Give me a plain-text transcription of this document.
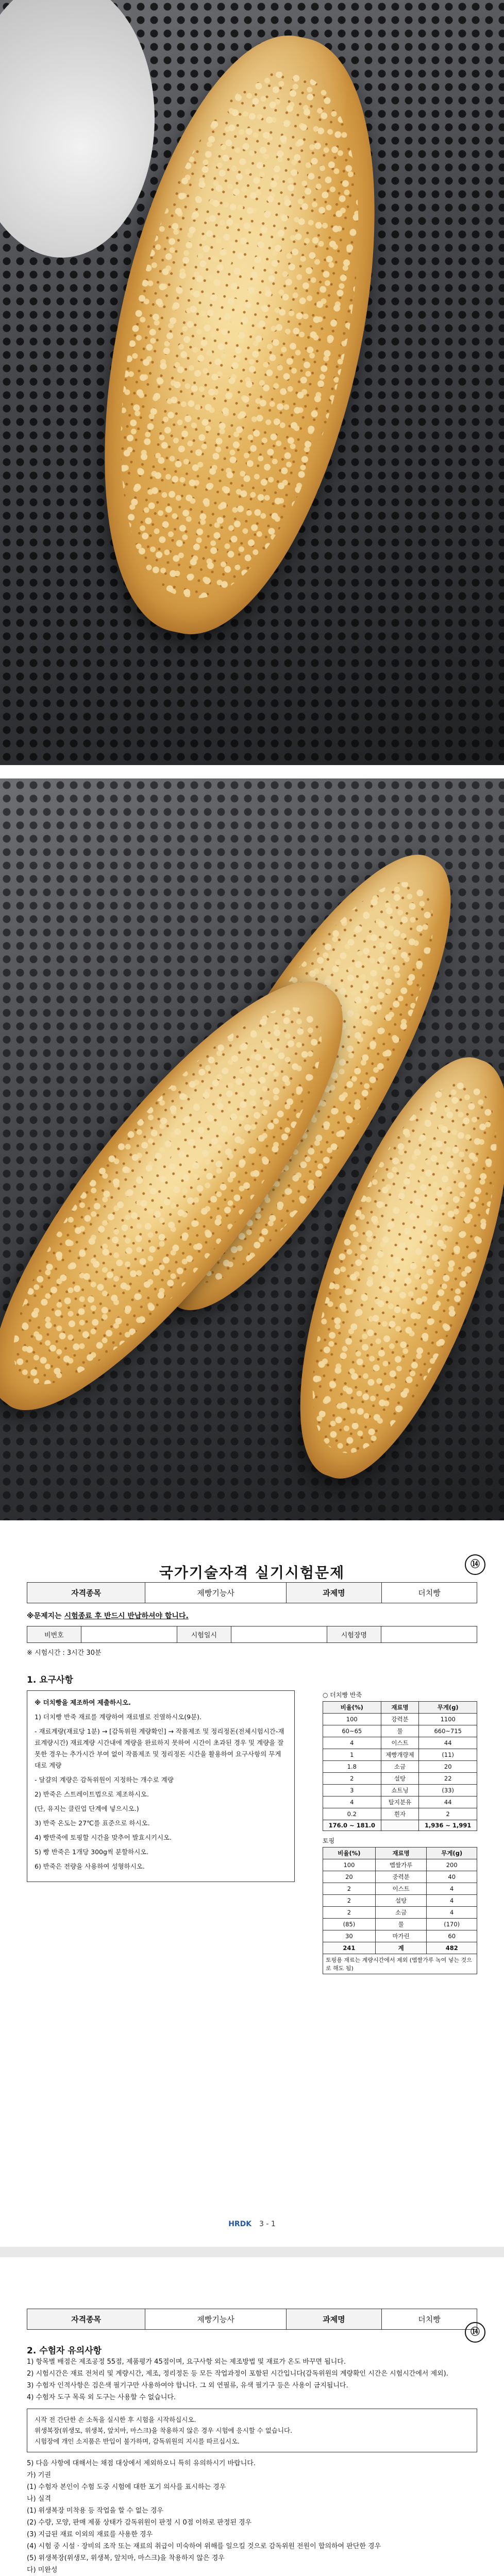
⑭
국가기술자격 실기시험문제
자격종목	제빵기능사	과제명	더치빵
※문제지는 시험종료 후 반드시 반납하셔야 합니다.
비번호		시험일시		시험장명	
※ 시험시간 : 3시간 30분
1. 요구사항

※ 더치빵을 제조하여 제출하시오.

1) 더치빵 반죽 재료를 계량하여 재료별로 진열하시오(9분).

- 재료계량(재료당 1분) → [감독위원 계량확인] → 작품제조 및 정리정돈(전체시험시간-재료계량시간) 재료계량 시간내에 계량을 완료하지 못하여 시간이 초과된 경우 및 계량을 잘못한 경우는 추가시간 부여 없이 작품제조 및 정리정돈 시간을 활용하여 요구사항의 무게대로 계량

- 달걀의 계량은 감독위원이 지정하는 개수로 계량

2) 반죽은 스트레이트법으로 제조하시오.

(단, 유지는 클린업 단계에 넣으시오.)

3) 반죽 온도는 27℃를 표준으로 하시오.

4) 빵반죽에 토핑할 시간을 맞추어 발효시키시오.

5) 빵 반죽은 1개당 300g씩 분할하시오.

6) 반죽은 전량을 사용하여 성형하시오.

○ 더치빵 반죽
비율(%)	재료명	무게(g)
100	강력분	1100
60~65	물	660~715
4	이스트	44
1	제빵개량제	(11)
1.8	소금	20
2	설탕	22
3	쇼트닝	(33)
4	탈지분유	44
0.2	흰자	2
176.0 ~ 181.0		1,936 ~ 1,991
토핑
비율(%)	재료명	무게(g)
100	멥쌀가루	200
20	중력분	40
2	이스트	4
2	설탕	4
2	소금	4
(85)	물	(170)
30	마가린	60
241	계	482
토핑용 재료는 계량시간에서 제외 (멥쌀가루 녹여 넣는 것으로 해도 됨)		
HRDK 3 - 1
⑭
자격종목	제빵기능사	과제명	더치빵
2. 수험자 유의사항

1) 항목별 배점은 제조공정 55점, 제품평가 45점이며, 요구사항 외는 제조방법 및 재료가 온도 바꾸면 됩니다.

2) 시험시간은 재료 전처리 및 계량시간, 제조, 정리정돈 등 모든 작업과정이 포함된 시간입니다(감독위원의 계량확인 시간은 시험시간에서 제외).

3) 수험자 인적사항은 검은색 필기구만 사용하여야 합니다. 그 외 연필류, 유색 필기구 등은 사용이 금지됩니다.

4) 수험자 도구 목록 외 도구는 사용할 수 없습니다.

시작 전 간단한 손 소독을 실시한 후 시험을 시작하십시오.

위생복장(위생모, 위생복, 앞치마, 마스크)을 착용하지 않은 경우 시험에 응시할 수 없습니다.

시험장에 개인 소지품은 반입이 불가하며, 감독위원의 지시를 따르십시오.

5) 다음 사항에 대해서는 채점 대상에서 제외하오니 특히 유의하시기 바랍니다.

가) 기권

(1) 수험자 본인이 수험 도중 시험에 대한 포기 의사를 표시하는 경우

나) 실격

(1) 위생복장 미착용 등 작업을 할 수 없는 경우

(2) 수량, 모양, 판매 제품 상태가 감독위원이 판정 시 0점 이하로 판정된 경우

(3) 지급된 재료 이외의 재료를 사용한 경우

(4) 시험 중 시설 · 장비의 조작 또는 재료의 취급이 미숙하여 위해를 일으킬 것으로 감독위원 전원이 합의하여 판단한 경우

(5) 위생복장(위생모, 위생복, 앞치마, 마스크)을 착용하지 않은 경우

다) 미완성
